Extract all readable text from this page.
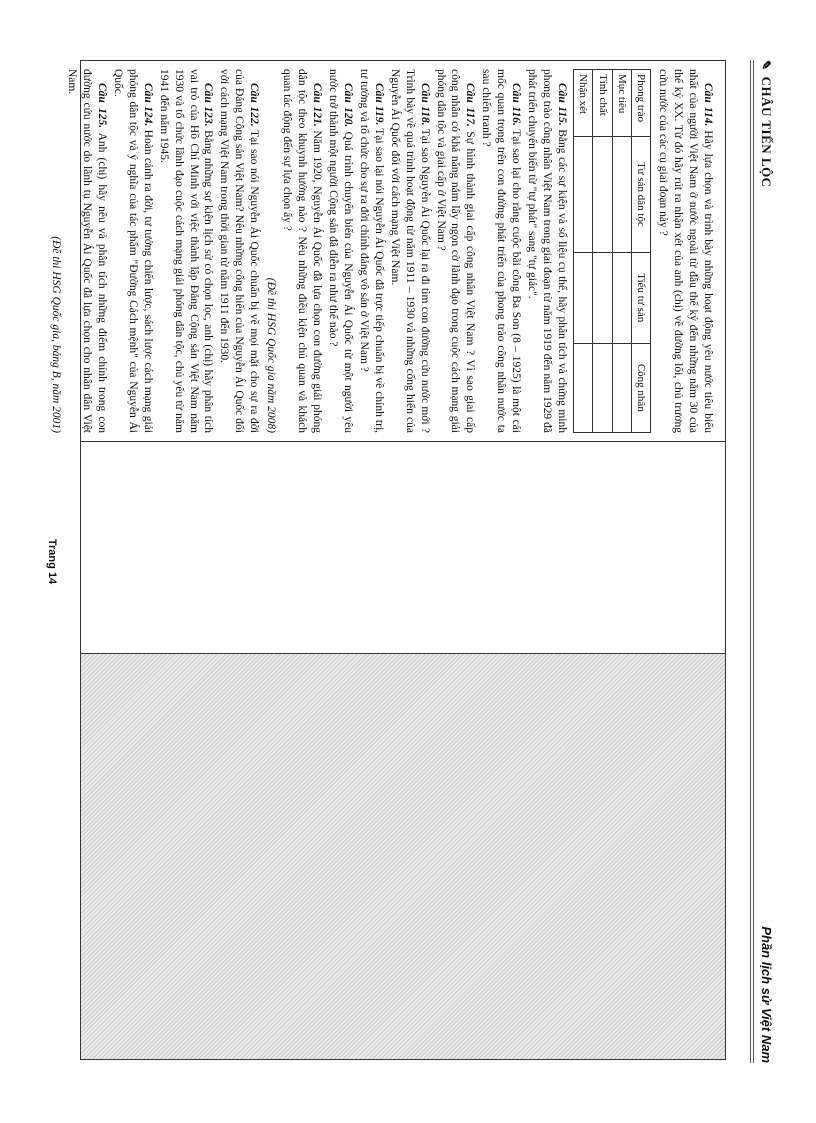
✎CHÂU TIẾN LỘC
Phần lịch sử Việt Nam

Câu 114. Hãy lựa chọn và trình bày những hoạt động yêu nước tiêu biểu nhất của người Việt Nam ở nước ngoài từ đầu thế kỷ đến những năm 30 của thế kỷ XX. Từ đó hãy rút ra nhận xét của anh (chị) về đường lối, chủ trương cứu nước của các cụ giai đoạn này ?

Phong trào	Tư sản dân tộc	Tiểu tư sản	Công nhân
Mục tiêu			
Tính chất			
Nhận xét			

Câu 115. Bằng các sự kiện và số liệu cụ thể, hãy phân tích và chứng minh phong trào công nhân Việt Nam trong giai đoạn từ năm 1919 đến năm 1929 đã phát triển chuyển biến từ "tự phát" sang "tự giác".

Câu 116. Tại sao lại cho rằng cuộc bãi công Ba Son (8 – 1925) là một cái mốc quan trọng trên con đường phát triển của phong trào công nhân nước ta sau chiến tranh ?

Câu 117. Sự hình thành giai cấp công nhân Việt Nam ? Vì sao giai cấp công nhân có khả năng nắm lấy ngọn cờ lãnh đạo trong cuộc cách mạng giải phóng dân tộc và giai cấp ở Việt Nam ?

Câu 118. Tại sao Nguyễn Ái Quốc lại ra đi tìm con đường cứu nước mới ? Trình bày về quá trình hoạt động từ năm 1911 – 1930 và những cống hiến của Nguyễn Ái Quốc đối với cách mạng Việt Nam.

Câu 119. Tại sao lại nói Nguyễn Ái Quốc đã trực tiếp chuẩn bị về chính trị, tư tưởng và tổ chức cho sự ra đời chính đảng vô sản ở Việt Nam ?

Câu 120. Quá trình chuyển biến của Nguyễn Ái Quốc từ một người yêu nước trở thành một người Cộng sản đã diễn ra như thế nào ?

Câu 121. Năm 1920, Nguyễn Ái Quốc đã lựa chọn con đường giải phóng dân tộc theo khuynh hướng nào ? Nêu những điều kiện chủ quan và khách quan tác động đến sự lựa chọn ấy ?

(Đề thi HSG Quốc gia năm 2008)

Câu 122. Tại sao nói Nguyễn Ái Quốc chuẩn bị về mọi mặt cho sự ra đời của Đảng Cộng sản Việt Nam? Nêu những cống hiến của Nguyễn Ái Quốc đối với cách mạng Việt Nam trong thời gian từ năm 1911 đến 1930.

Câu 123. Bằng những sự kiện lịch sử có chọn lọc, anh (chị) hãy phân tích vai trò của Hồ Chí Minh với việc thành lập Đảng Cộng sản Việt Nam năm 1930 và tổ chức lãnh đạo cuộc cách mạng giải phóng dân tộc, chủ yếu từ năm 1941 đến năm 1945.

Câu 124. Hoàn cảnh ra đời, tư tưởng chiến lược, sách lược cách mạng giải phóng dân tộc và ý nghĩa của tác phẩm "Đường Cách mệnh" của Nguyễn Ái Quốc.

Câu 125. Anh (chị) hãy nêu và phân tích những điểm chính trong con đường cứu nước do lãnh tụ Nguyễn Ái Quốc đã lựa chọn cho nhân dân Việt Nam.

(Đề thi HSG Quốc gia, bảng B, năm 2001)

Trang 14
